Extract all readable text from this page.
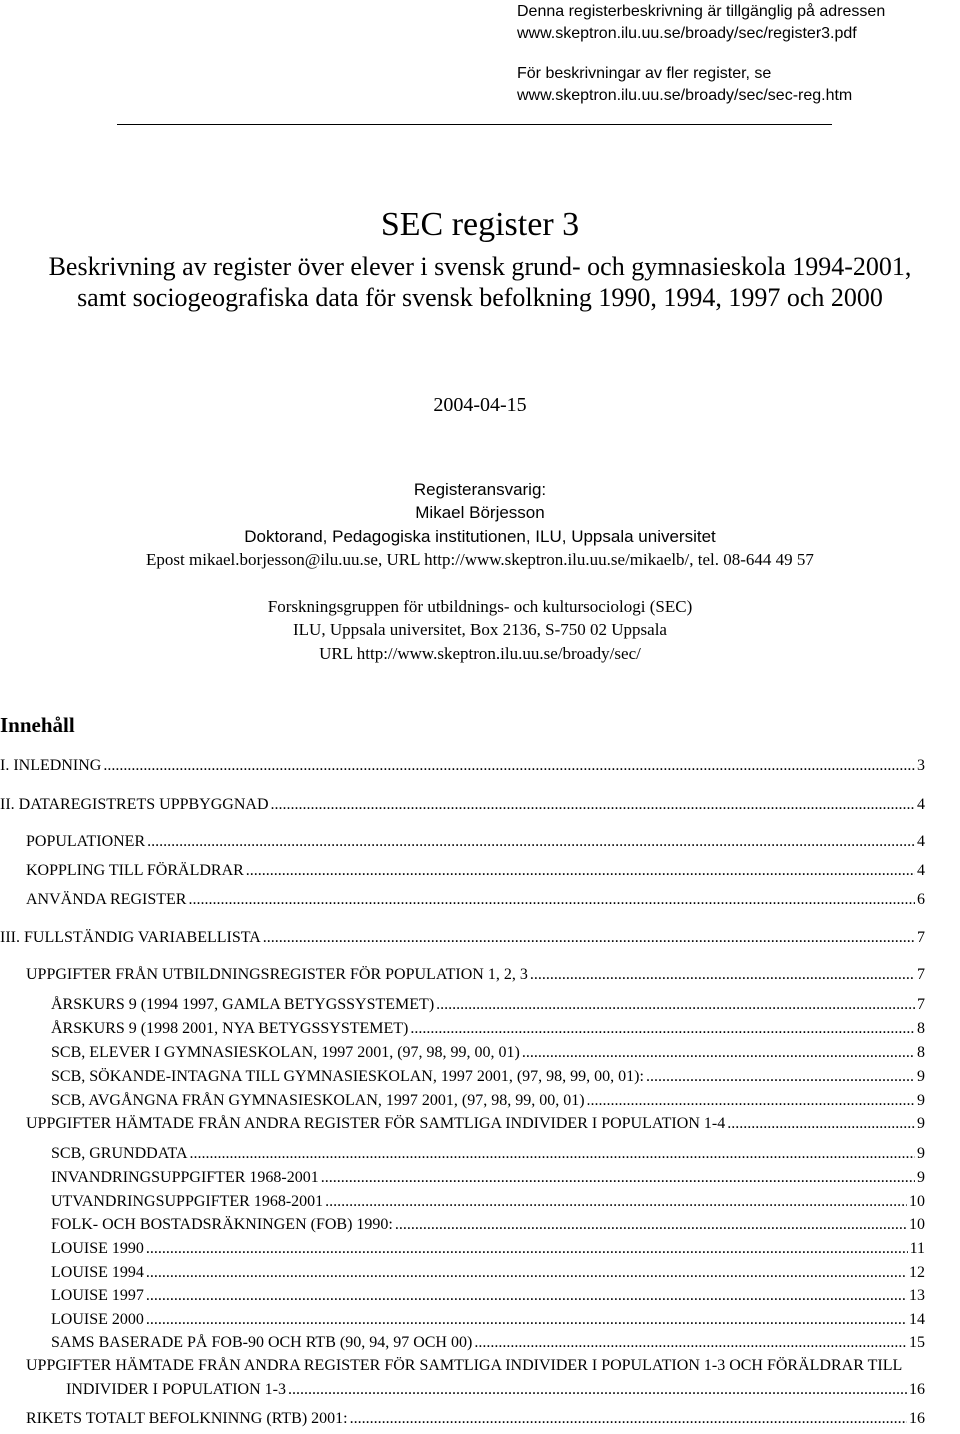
Denna registerbeskrivning är tillgänglig på adressen
www.skeptron.ilu.uu.se/broady/sec/register3.pdf
För beskrivningar av fler register, se
www.skeptron.ilu.uu.se/broady/sec/sec-reg.htm
SEC register 3
Beskrivning av register över elever i svensk grund- och gymnasieskola 1994-2001,
samt sociogeografiska data för svensk befolkning 1990, 1994, 1997 och 2000
2004-04-15
Registeransvarig:
Mikael Börjesson
Doktorand, Pedagogiska institutionen, ILU, Uppsala universitet
Epost mikael.borjesson@ilu.uu.se, URL http://www.skeptron.ilu.uu.se/mikaelb/, tel. 08-644 49 57
Forskningsgruppen för utbildnings- och kultursociologi (SEC)
ILU, Uppsala universitet, Box 2136, S-750 02 Uppsala
URL http://www.skeptron.ilu.uu.se/broady/sec/
Innehåll
I. INLEDNING .....	3
II. DATAREGISTRETS UPPBYGGNAD .....	4
POPULATIONER .....	4
KOPPLING TILL FÖRÄLDRAR .....	4
ANVÄNDA REGISTER .....	6
III. FULLSTÄNDIG VARIABELLISTA .....	7
UPPGIFTER FRÅN UTBILDNINGSREGISTER FÖR POPULATION 1, 2, 3 .....	7
ÅRSKURS 9 (1994 1997, GAMLA BETYGSSYSTEMET) .....	7
ÅRSKURS 9 (1998 2001, NYA BETYGSSYSTEMET) .....	8
SCB, ELEVER I GYMNASIESKOLAN, 1997 2001, (97, 98, 99, 00, 01) .....	8
SCB, SÖKANDE-INTAGNA TILL GYMNASIESKOLAN, 1997 2001, (97, 98, 99, 00, 01): .....	9
SCB, AVGÅNGNA FRÅN GYMNASIESKOLAN, 1997 2001, (97, 98, 99, 00, 01) .....	9
UPPGIFTER HÄMTADE FRÅN ANDRA REGISTER FÖR SAMTLIGA INDIVIDER I POPULATION 1-4 .....	9
SCB, GRUNDDATA .....	9
INVANDRINGSUPPGIFTER 1968-2001 .....	9
UTVANDRINGSUPPGIFTER 1968-2001 .....	10
FOLK- OCH BOSTADSRÄKNINGEN (FOB) 1990: .....	10
LOUISE 1990 .....	11
LOUISE 1994 .....	12
LOUISE 1997 .....	13
LOUISE 2000 .....	14
SAMS BASERADE PÅ FOB-90 OCH RTB (90, 94, 97 OCH 00) .....	15
UPPGIFTER HÄMTADE FRÅN ANDRA REGISTER FÖR SAMTLIGA INDIVIDER I POPULATION 1-3 OCH FÖRÄLDRAR TILL
INDIVIDER I POPULATION 1-3 .....	16
RIKETS TOTALT BEFOLKNINNG (RTB) 2001: .....	16
